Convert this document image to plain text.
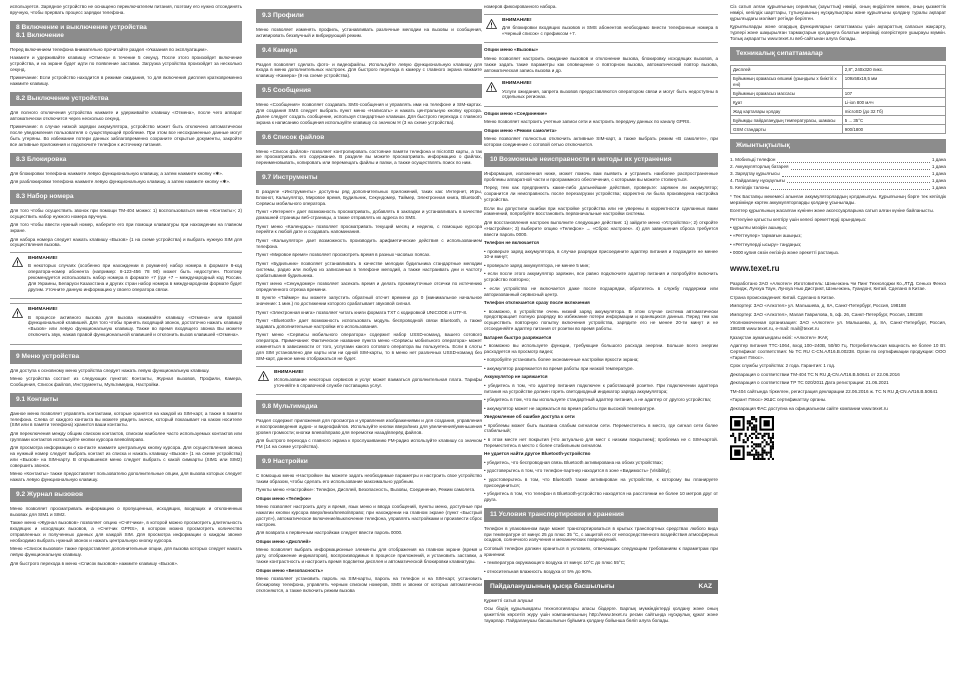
используется. Зарядное устройство не оснащено переключателем питания, поэтому его нужно отсоединять вручную, чтобы прервать процесс зарядки телефона.

8 Включение и выключение устройства
8.1 Включение

Перед включением телефона внимательно прочитайте раздел «Указания по эксплуатации».

Нажмите и удерживайте клавишу «Отмена» в течение 5 секунд. После этого произойдет включение устройства, и на экране будет идти по появление заставки. Загрузка устройства произойдет за несколько секунд.

Примечание: Если устройство находится в режиме ожидания, то для включения дисплея кратковременно нажмите клавишу.

8.2 Выключение устройства

Для полного отключения устройства нажмите и удерживайте клавишу «Отмена», после чего аппарат автоматически отключится через несколько секунд.

Примечание: в случае низкой зарядки аккумулятора, устройство может быть отключено автоматически после уведомления пользователя о существующей проблеме. При этом все несохраненные данные могут быть утеряны. Во избежание потери данных заблаговременно сохраните открытые документы, закройте все активные приложения и подключите телефон к источнику питания.

8.3 Блокировка

Для блокировки телефона нажмите левую функциональную клавишу, а затем нажмите кнопку «✱».

Для разблокировки телефона нажмите левую функциональную клавишу, а затем нажмите кнопку «✱».

8.3 Набор номера

Для того чтобы осуществить звонок при помощи TM-404 можно: 1) воспользоваться меню «Контакты»; 2) осуществить набор нужного номера вручную.

Для того чтобы ввести нужный номер, наберите его при помощи клавиатуры при нахождении на главном экране.

Для набора номера следует нажать клавишу «Вызов» (1 на схеме устройства) и выбрать нужную SIM для осуществления вызова.

ВНИМАНИЕ!

В некоторых случаях (особенно при нахождении в роуминге) набор номера в формате 8-код оператора-номер абонента (например: 8-123-456 78 90) может быть недоступен. Поэтому рекомендуется использовать набор номера в формате +7 (где +7 – международный код России. Для Украины, Беларуси Казахстана и других стран набор номера в международном формате будет другим. Уточните данную информацию у своего оператора связи.

ВНИМАНИЕ!

В процессе активного вызова для вызова нажимайте клавишу «Отмена» или правой функциональной клавишей. Для того чтобы принять входящий звонок, достаточно нажать клавишу «Вызов» или левую функциональную клавишу. Также во время входящего звонка Вы можете отключить звук, нажав правой функциональной клавишей и отклонить вызов клавишей «Отмена».

9 Меню устройства

Для доступа к основному меню устройства следует нажать левую функциональную клавишу.

Меню устройства состоит из следующих пунктов: Контакты, Журнал вызовов, Профили, Камера, Сообщения, Список файлов, Инструменты, Мультимедиа, Настройки.

9.1 Контакты

Данное меню позволяет управлять контактами, которые хранятся на каждой из SIM-карт, а также в памяти телефона. Слева от каждого контакта вы можете увидеть значок, который показывает на каком носителе (SIM или в памяти телефона) хранится ваши контакты.

Для переключения между общим списком контактов, списком наиболее часто используемых контактов или группами контактов используйте кнопки курсора влево/вправо.

Для просмотра информации о контакте нажмите центральную кнопку курсора. Для осуществления звонка на нужный номер следует выбрать контакт из списка и нажать клавишу «Вызов» (1 на схеме устройства) или «Вызов» на SIM-карту. В открывшемся меню следует выбрать с какой симкарты (SIM1 или SIM2) совершить звонок.

Меню «Контакты» также предоставляет пользователю дополнительные опции, для вызова которых следует нажать левую функциональную клавишу.

9.2 Журнал вызовов

Меню позволяет просматривать информацию о пропущенных, исходящих, входящих и отклоненных вызовах для SIM1 и SIM2.

Также меню «Журнал вызовов» позволяет опцию «Счётчики», в которой можно просмотреть длительность входящих и исходящих вызовов, а «Счетчик GPRS», в котором можно просмотреть количество отправленных и полученных данных для каждой SIM. Для просмотра информации о каждом звонке необходимо выбрать нужный звонок и нажать центральную кнопку курсора.

Меню «Список вызовов» также предоставляет дополнительные опции, для вызова которых следует нажать левую функциональную клавишу.

Для быстрого перехода в меню «Список вызовов» нажмите клавишу «Вызов».

9.3 Профили

Меню позволяет изменять профиль, устанавливать различные мелодии на вызовы и сообщения, активировать беззвучный и вибрирующий режим.

9.4 Камера

Раздел позволяет сделать фото- и видеофайлы. Используйте левую функциональную клавишу для входа в меню дополнительных настроек. Для быстрого перехода в камеру с главного экрана нажмите клавишу «Камера» (9 на схеме устройства).

9.5 Сообщения

Меню «Сообщения» позволяет создавать SMS-сообщения и управлять ими на телефоне и SIM-картах. Для создания SMS следует выбрать пункт меню «Написать» и нажать центральную кнопку курсора. Далее следует создать сообщение, используя стандартные клавиши. Для быстрого перехода с главного экрана к написанию сообщения используйте клавишу со значком ✉ (3 на схеме устройства).

9.6 Список файлов

Меню «Список файлов» позволяет контролировать состояние памяти телефона и microSD карты, а так же просматривать его содержание. В разделе вы можете просматривать информацию о файлах, переименовывать, копировать или перемещать файлы и папки, а также осуществлять поиск по ним.

9.7 Инструменты

В разделе «Инструменты» доступны ряд дополнительных приложений, таких как: Интернет, Игры, Блокнот, Калькулятор, Мировое время, Будильник, Секундомер, Таймер, Электронная книга, Bluetooth, Сервисы мобильного оператора.

Пункт «Интернет» дает возможность просматривать, добавлять в закладки и устанавливать в качестве домашней страницы веб-страницы, а также отправлять их адреса по SMS.

Пункт меню «Календарь» позволяет просматривать текущий месяц и неделю, с помощью курсора перейти к любой дате и создавать напоминания.

Пункт «Калькулятор» дает возможность производить арифметические действия с использованием телефона.

Пункт «Мировое время» позволяет просмотреть время в разных часовых поясах.

Пункт «Будильник» позволяет устанавливать в качестве мелодии будильника стандартные мелодии системы, радио или любую из записанных в телефоне мелодий, а также настраивать дни и частоту срабатывания будильника.

Пункт меню «Секундомер» позволяет засекать время и делать промежуточные отсечки по истечению определенного отрезка времени.

В пункте «Таймер» вы можете запустить обратный отсчет времени до 0 (минимальное начальное значение: 1 мин.) по достижении которого срабатывает звуковой сигнал.

Пункт «Электронная книга» позволяет читать книги формата TXT с кодировкой UNICODE и UTF-8.

Пункт «Bluetooth» дает возможность использовать модуль беспроводной связи Bluetooth, а также задавать дополнительные настройки его использования.

Пункт меню «Сервисы мобильного оператора» содержит набор USSD-команд, вашего сотового оператора. Примечание: Фактическое название пункта меню «Сервисы мобильного оператора» может изменяться в зависимости от того, услугами какого сотового оператора вы пользуетесь. Если в слоты для SIM установлено две карты или ни одной SIM-карты, то в меню нет различных USSD-команд без SIM-карт, данное меню отображаться не будет.

ВНИМАНИЕ!

Использование некоторых сервисов и услуг может взиматься дополнительная плата. Тарифы уточняйте в справочной службе поставщика услуг.

9.8 Мультимедиа

Раздел содержит приложения для просмотра и управления изображениями и для создания, управления и воспроизведения аудио- и видеофайлов. Используйте кнопки вверх/вниз для увеличения/уменьшения уровня громкости; кнопки влево/вправо для перемотки назад/вперёд файлов.

Для быстрого перехода с главного экрана к прослушиванию FM-радио используйте клавишу со значком FM (14 на схеме устройства).

9.9 Настройки

С помощью меню «Настройки» вы можете задать необходимые параметры и настроить свое устройство таким образом, чтобы сделать его использование максимально удобным.

Пункты меню «Настройки»: Телефон, Дисплей, Безопасность, Вызовы, Соединение, Режим самолета.

Опции меню «Телефон»

Меню позволяет настроить дату и время, язык меню и ввода сообщений, пункты меню, доступные при нажатии кнопки курсора вверх/вниз/влево/вправо; при нахождении на главном экране (пункт «Быстрый доступ»), автоматическое включение/выключение телефона, управлять настройками и произвести сброс настроек.

Для возврата к первичным настройкам следует ввести пароль 0000.

Опции меню «Дисплей»

Меню позволяет выбрать информационные элементы для отображения на главном экране (время и дату, отображение индикаторов), воспроизводимых в процессе приложений, и установить заставки, а также контрастность и настроить время подсветки дисплея и автоматической блокировки клавиатуры.

Опции меню «Безопасность»

Меню позволяет установить пароль на SIM-карты, пароль на телефон и на SIM-карт, установить блокировку телефона, управлять черным списком номеров, SMS и звонки от которых автоматически отклоняются, а также включить режим вызова

номеров фиксированного набора.

ВНИМАНИЕ!

Для блокировки входящих вызовов и SMS абонентов необходимо внести телефонные номера в «Черный список» с префиксом +7.

Опции меню «Вызовы»

Меню позволяет настроить ожидание вызовов и отклонение вызова, блокировку исходящих вызовов, а также задать такие параметры как оповещение о повторном вызова, автоматический повтор вызова, автоматическая запись вызова и др.

ВНИМАНИЕ!

Услуги ожидания, запрета вызовов предоставляются оператором связи и могут быть недоступны в отдельных регионах.

Опции меню «Соединение»

Меню позволяет настроить учетные записи сети и настроить передачу данных по каналу GPRS.

Опции меню «Режим самолета»

Меню позволяет полностью отключить активные SIM-карт, а также выбрать режим «В самолете», при котором соединение с сотовой сетью отключается.

10 Возможные неисправности и методы их устранения

Информация, изложенная ниже, может помочь вам выявить и устранить наиболее распространенные проблемы аппаратной части и программного обеспечения, с которыми вы можете столкнуться.

Перед тем как предпринять какие-либо дальнейшие действия, проверьте: заряжен ли аккумулятор; сохранится ли неисправность после перезагрузки устройства; корректно ли была произведена настройка устройства.

Если вы допустили ошибки при настройке устройства или не уверены в корректности сделанных вами изменений, попробуйте восстановить первоначальные настройки системы.

Для восстановления настроек выполните следующие действия: 1) зайдите меню «Устройство»; 2) откройте «Настройки»; 3) выберите опцию «Телефон» → «Сброс настроек». 4) для завершения сброса требуется ввести пароль 0000.

Телефон не включается

• проверьте заряд аккумулятора, в случае разрядки присоедините адаптер питания и подождите не менее 10-и минут;

• проверьте заряд аккумулятора, не менее 5 мин;

• если после этого аккумулятор заряжен, все равно подключите адаптер питания и попробуйте включить устройство повторно;

• если устройство не включается даже после подзарядки, обратитесь в службу поддержки или авторизованный сервисный центр.

Телефон отключается сразу после включения

• возможно, в устройстве очень низкий заряд аккумулятора. В этом случае система автоматически предотвращает полную разрядку во избежание потери информации и хранящихся данных. Перед тем как осуществить повторную попытку включения устройства, зарядите его не менее 20-ти минут и не отсоединяйте адаптер питания от розетки во время работы.

Батарея быстро разряжается

• возможно вы используете функции, требующие большого расхода энергии. Больше всего энергии расходуется на просмотр видео;

• попробуйте установить более экономичные настройки яркости экрана;

• аккумулятор разряжается во время работы при низкой температуре.

Аккумулятор не заряжается

• убедитесь в том, что адаптер питания подключен к работающей розетке. При подключении адаптера питания на устройстве должен гореть светодиодный индикатор заряда аккумулятора;

• убедитесь в том, что вы используете стандартный адаптер питания, а не адаптер от другого устройства;

• аккумулятор может не заряжаться во время работы при высокой температуре.

Уведомление об ошибке доступа к сети

• проблемы может быть вызвана слабым сигналом сети. Переместитесь в место, где сигнал сети более стабильный;

• в этом месте нет покрытия (что актуально для мест с низким покрытием); проблема не с SIM-картой. Переместитесь в место с более стабильным сигналом.

Не удается найти другое Bluetooth-устройство

• убедитесь, что беспроводная связь Bluetooth активирована на обоих устройствах;

• удостоверьтесь в том, что телефон-партнер находится в зоне «Видимость» (Visibility);

• удостоверьтесь в том, что Bluetooth также активирован на устройстве, к которому вы планируете присоединиться;

• убедитесь в том, что телефон в Bluetooth-устройство находятся на расстоянии не более 10 метров друг от друга.

11 Условия транспортировки и хранения

Телефон в упакованном виде может транспортироваться в крытых транспортных средствах любого вида при температуре от минус 25 до плюс 35 °С, с защитой его от непосредственного воздействия атмосферных осадков, солнечного излучения и механических повреждений.

Сотовый телефон должен храниться в условиях, отвечающих следующим требованиям к параметрам при хранении:

• температура окружающего воздуха от минус 10°С до плюс 55°С;

• относительная влажность воздуха от 5% до 90%.

Пайдаланушының қысқа басшылығы	KAZ

Құрметті сатып алушы!

Осы біздің құрылымдағы технологиялары апасы біздерге. Барлық мүмкіндіктерді қолдану және оның қажеттілік көрсетіп жүру үшін компаниясының http://www.texet.ru ресми сайтында нұсқаулық құжат және тауарлар. Пайдаланушы басшылығын бұйымға қолдану бойынша бөліп алуға болады.

Сіз сатып алған құрылғының сериялық (зауыттық) нөмірі, оның өндірілген мекен, оның қызметтік нөмірі, кепілдік шарттары, тұтынушының нұсқаулықтары және құрылғыны қолдану туралы ақпарат құрылғыдағы мәлімет ретінде берілген.

Құрылғыларды және олардың функцияларын сипаттамасы үшін ақпараттың сапасын жақсарту, түрлері және шақырылған тармақтарын қолдануға болатын мерзімді өзгерістерге ұшырауы мүмкін. Толық ақпаратты www.texet.ru веб-сайтынан алуға болады.

Техникалық сипаттамалар
Дисплей	2,8", 240x320 пикс.
Бұйымның орамасыз өлшемі (ұзындығы х биіктігі х ені)	109x58x19,5 мм
Бұйымның орамасыз массасы	107
Құат	Li-ion 800 мАч
Жад карталары қолдау	microSD (до 32 Гб)
Бұйымды пайдаланудың температурасы, шамасы	5 ... 35°С
GSM стандарты	900/1800
Жиынтықтылық
1. Мобильді телефон	1 дана
2. Аккумуляторлық батарея	1 дана
3. Зарядтау құрылғысы	1 дана
4. Пайдалану нұсқаулығы	1 дана
5. Кепілдік талоны	1 дана

* Тек Бастапқы мекемесі алынған аккумуляторлардың қолданылуы. Құрылғының бәрге тек кепілдік мерзімінде кәртек аккумуляторларды қолдану ұсынылады.

Есептер құрылғының жасалған күнінен және аксессуарларына сатып алған күніне байланысты.

Реттелуіне қатысты кептіру үшін келесі әрекеттерді орындаңыз:

• құрылғы мәзірін ашыңыз;

• «Реттеулер» тармағын ашыңыз;

• «Реттеулерді ысыру» таңдаңыз;

• 0000 құпия сөзін енгізіңіз және әрекетті растаңыз.

www.texet.ru

Разработано ЗАО «Алкотел» Изготовитель: Шэньчжэнь Чи Пинг Технолоджи Ко.,ЛТД. Сеньхэ Фенхэ Вилидж, Лунхуа Таун, Лунхуа Нью Дистрикт, Шэньчжэнь, Гуандонг, Китай. Сделано в Китае.

Страна происхождения: Китай. Сделано в Китае.

Импортер: ЗАО «Алкотел» ул. Малышева, д. 8А, Санкт-Петербург, Россия, 198188

Импортер: ЗАО «Алкотел», Малая Гаврилова, 5, оф. 26, Санкт-Петербург, Россия, 198188

Уполномоченная организация: ЗАО «Алкотел» ул. Малышева, д. 8А, Санкт-Петербург, Россия, 198188 www.texet.ru, e-mail: mail@texet.ru

Қазақстан аумағындағы өкілі: «Алкотел» ЖАҚ

Адаптер питания TTC-1064, вход 100–240В, 50/60 Гц. Потребительская мощность не более 10 Вт. Сертификат соответствия: № ТС RU C-CN.АЛ16.B.00238. Орган по сертификации продукции: ООО «Гарант Плюс».

Срок службы устройства: 2 года. Гарантия: 1 год.

Декларация о соответствии TM-404 ТС N RU Д-CN.АЛ16.B.50641 от 22.06.2016

Декларация о соответствии ТР ТС 020/2011 Дата регистрации: 21.06.2021

TM-404 сайтында тіркелген, регистрация декларации 22.06.2016 ж. ТС N RU Д-CN.АЛ16.B.50641

«Гарант Плюс» ЖШС сертификаттау органы.

Декларация ФАС доступна на официальном сайте компании www.texet.ru
